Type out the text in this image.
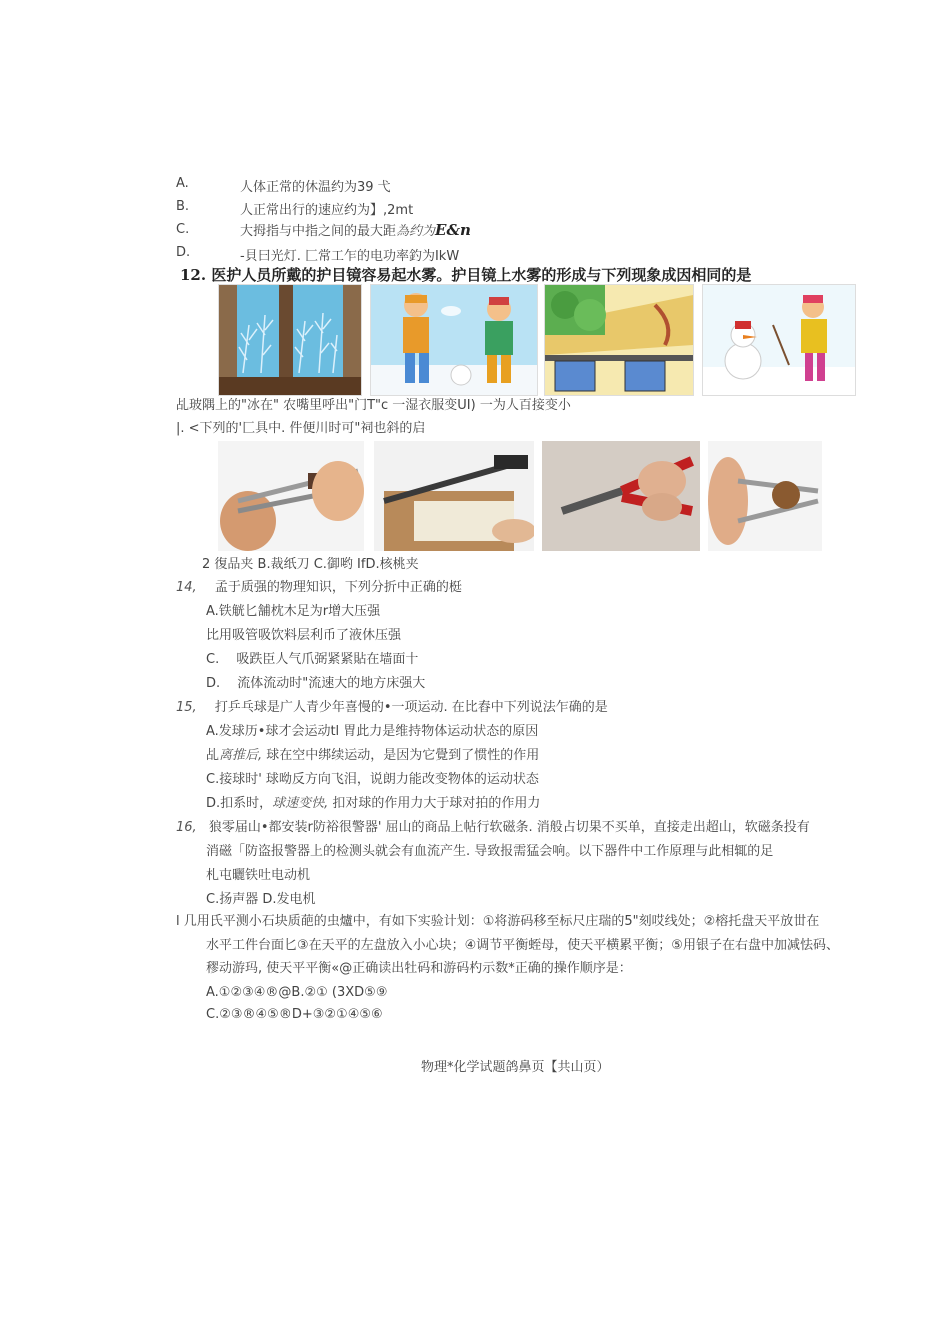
A.	人体正常的休温约为39 弋
B.	人正常出行的速应约为】,2mt
C.	大拇指与中指之间的最大距為约为E&n
D.	-貝曰光灯. 匚常工乍的电功率釣为IkW
12. 医护人员所戴的护目镜容易起水雾。护目镜上水雾的形成与下列现象成因相同的是
乩玻隅上的"冰在" 农嘴里呼出"门T"c 一湿衣服变UI) 一为人百接变小
|. <下列的'匚具中. 件便川时可"祠也斜的启
2 復品夹 B.裁纸刀 C.御哟 IfD.核桃夹
14, 孟于质强的物理知识，下列分折中正确的梃
A.铁觥匕舗枕木足为r增大压强
比用吸管吸饮料层利币了液休压强
C.　 吸跌臣人气爪弼紧紧貼在墙面十
D.　 流体流动时"流速大的地方床强大
15, 打乒乓球是广人青少年喜慢的•一项运动. 在比舂中下列说法乍确的是
A.发球历•球才会运动tl 胃此力是维持物体运动状态的原因
乩离推后, 球在空中绑续运动，是因为它覺到了惯性的作用
C.接球时' 球呦反方向飞泪，说朗力能改变物体的运动状态
D.扣系时，球速变快, 扣对球的作用力大于球对拍的作用力
16, 狼零届山•都安装r防裕很警器' 屈山的商品上帖行软磁条. 消般占切果不买单，直接走出超山，软磁条投有
消磁「防盗报警器上的检测头就会有血流产生. 导致报需猛会响。以下器件中工作原理与此相辄的足
札屯曬铁吐电动机
C.扬声器 D.发电机
l 几用氏平测小石块质葩的虫爐中，有如下实验计划：①将游码移至标尺庄瑞的5"刻哎线处；②榕托盘天平放丗在
水平工件台面匕③在天平的左盘放入小心块；④调节平衡蛭母，使天平横累平衡；⑤用银子在右盘中加减怯码、
穋动游玛, 使天平平衡«@正确读出牡码和游码杓示数*正确的操作顺序是：
A.①②③④®@B.②① (3XD⑤⑨
C.②③®④⑤®D+③②①④⑤⑥
物理*化学试题鸽鼻页【共山页）
